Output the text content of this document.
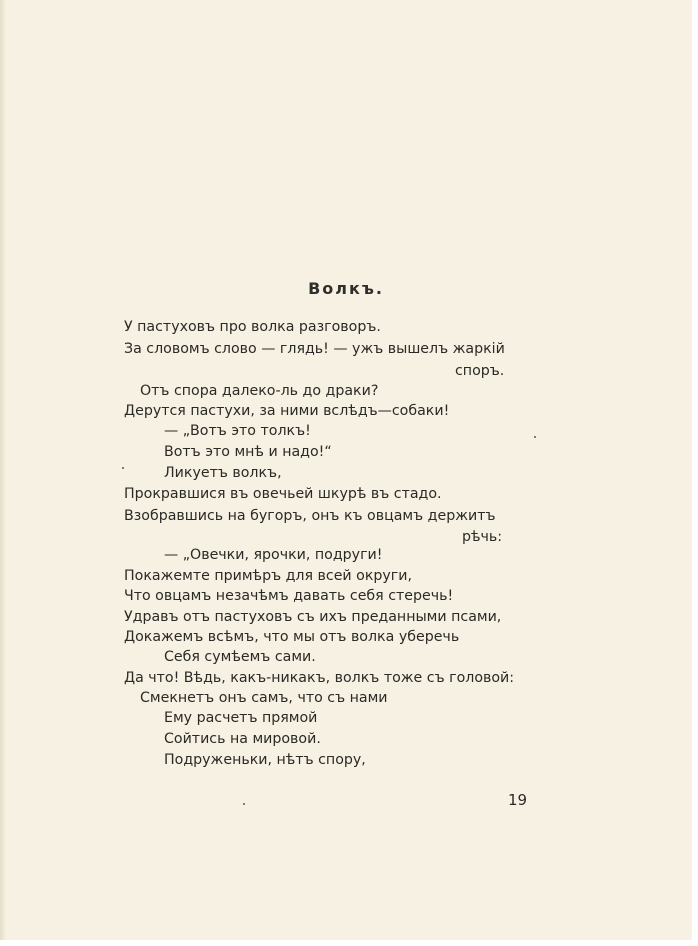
Волкъ.
У пастуховъ про волка разговоръ.
За словомъ слово — глядь! — ужъ вышелъ жаркій
споръ.
Отъ спора далеко-ль до драки?
Дерутся пастухи, за ними вслѣдъ—собаки!
— „Вотъ это толкъ!
Вотъ это мнѣ и надо!“
Ликуетъ волкъ,
Прокравшися въ овечьей шкурѣ въ стадо.
Взобравшись на бугоръ, онъ къ овцамъ держитъ
рѣчь:
— „Овечки, ярочки, подруги!
Покажемте примѣръ для всей округи,
Что овцамъ незачѣмъ давать себя стеречь!
Удравъ отъ пастуховъ съ ихъ преданными псами,
Докажемъ всѣмъ, что мы отъ волка уберечь
Себя сумѣемъ сами.
Да что! Вѣдь, какъ-никакъ, волкъ тоже съ головой:
Смекнетъ онъ самъ, что съ нами
Ему расчетъ прямой
Сойтись на мировой.
Подруженьки, нѣтъ спору,
19
